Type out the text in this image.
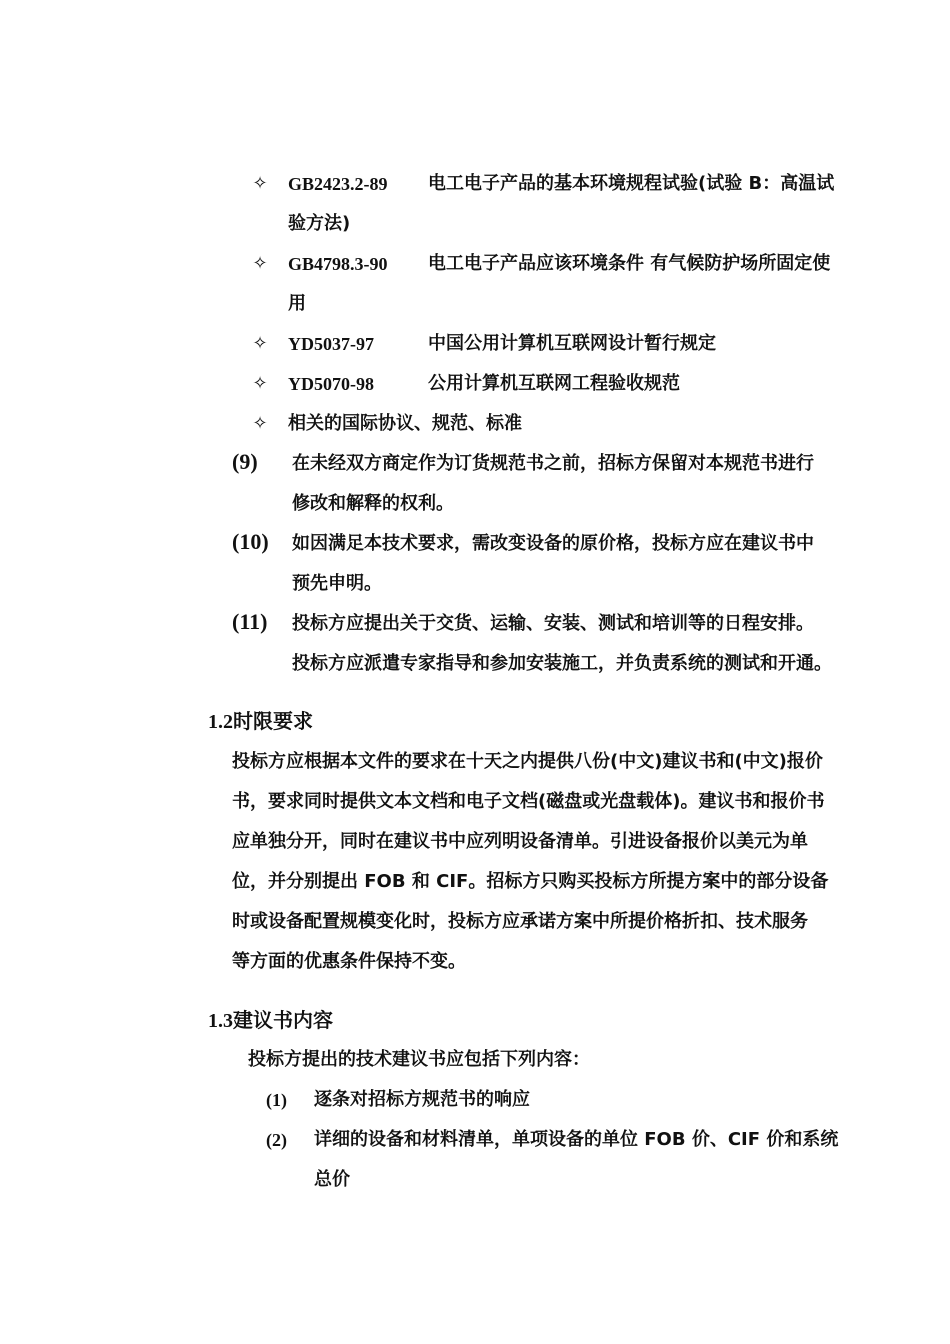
✧ GB2423.2-89 电工电子产品的基本环境规程试验(试验 B：高温试
验方法)
✧ GB4798.3-90 电工电子产品应该环境条件 有气候防护场所固定使
用
✧ YD5037-97	中国公用计算机互联网设计暂行规定
✧ YD5070-98	公用计算机互联网工程验收规范
✧ 相关的国际协议、规范、标准
(9) 在未经双方商定作为订货规范书之前，招标方保留对本规范书进行
修改和解释的权利。
(10) 如因满足本技术要求，需改变设备的原价格，投标方应在建议书中
预先申明。
(11) 投标方应提出关于交货、运输、安装、测试和培训等的日程安排。
投标方应派遣专家指导和参加安装施工，并负责系统的测试和开通。
1.2时限要求
投标方应根据本文件的要求在十天之内提供八份(中文)建议书和(中文)报价
书，要求同时提供文本文档和电子文档(磁盘或光盘载体)。建议书和报价书
应单独分开，同时在建议书中应列明设备清单。引进设备报价以美元为单
位，并分别提出 FOB 和 CIF。招标方只购买投标方所提方案中的部分设备
时或设备配置规模变化时，投标方应承诺方案中所提价格折扣、技术服务
等方面的优惠条件保持不变。
1.3建议书内容
投标方提出的技术建议书应包括下列内容：
(1) 逐条对招标方规范书的响应
(2) 详细的设备和材料清单，单项设备的单位 FOB 价、CIF 价和系统
总价
